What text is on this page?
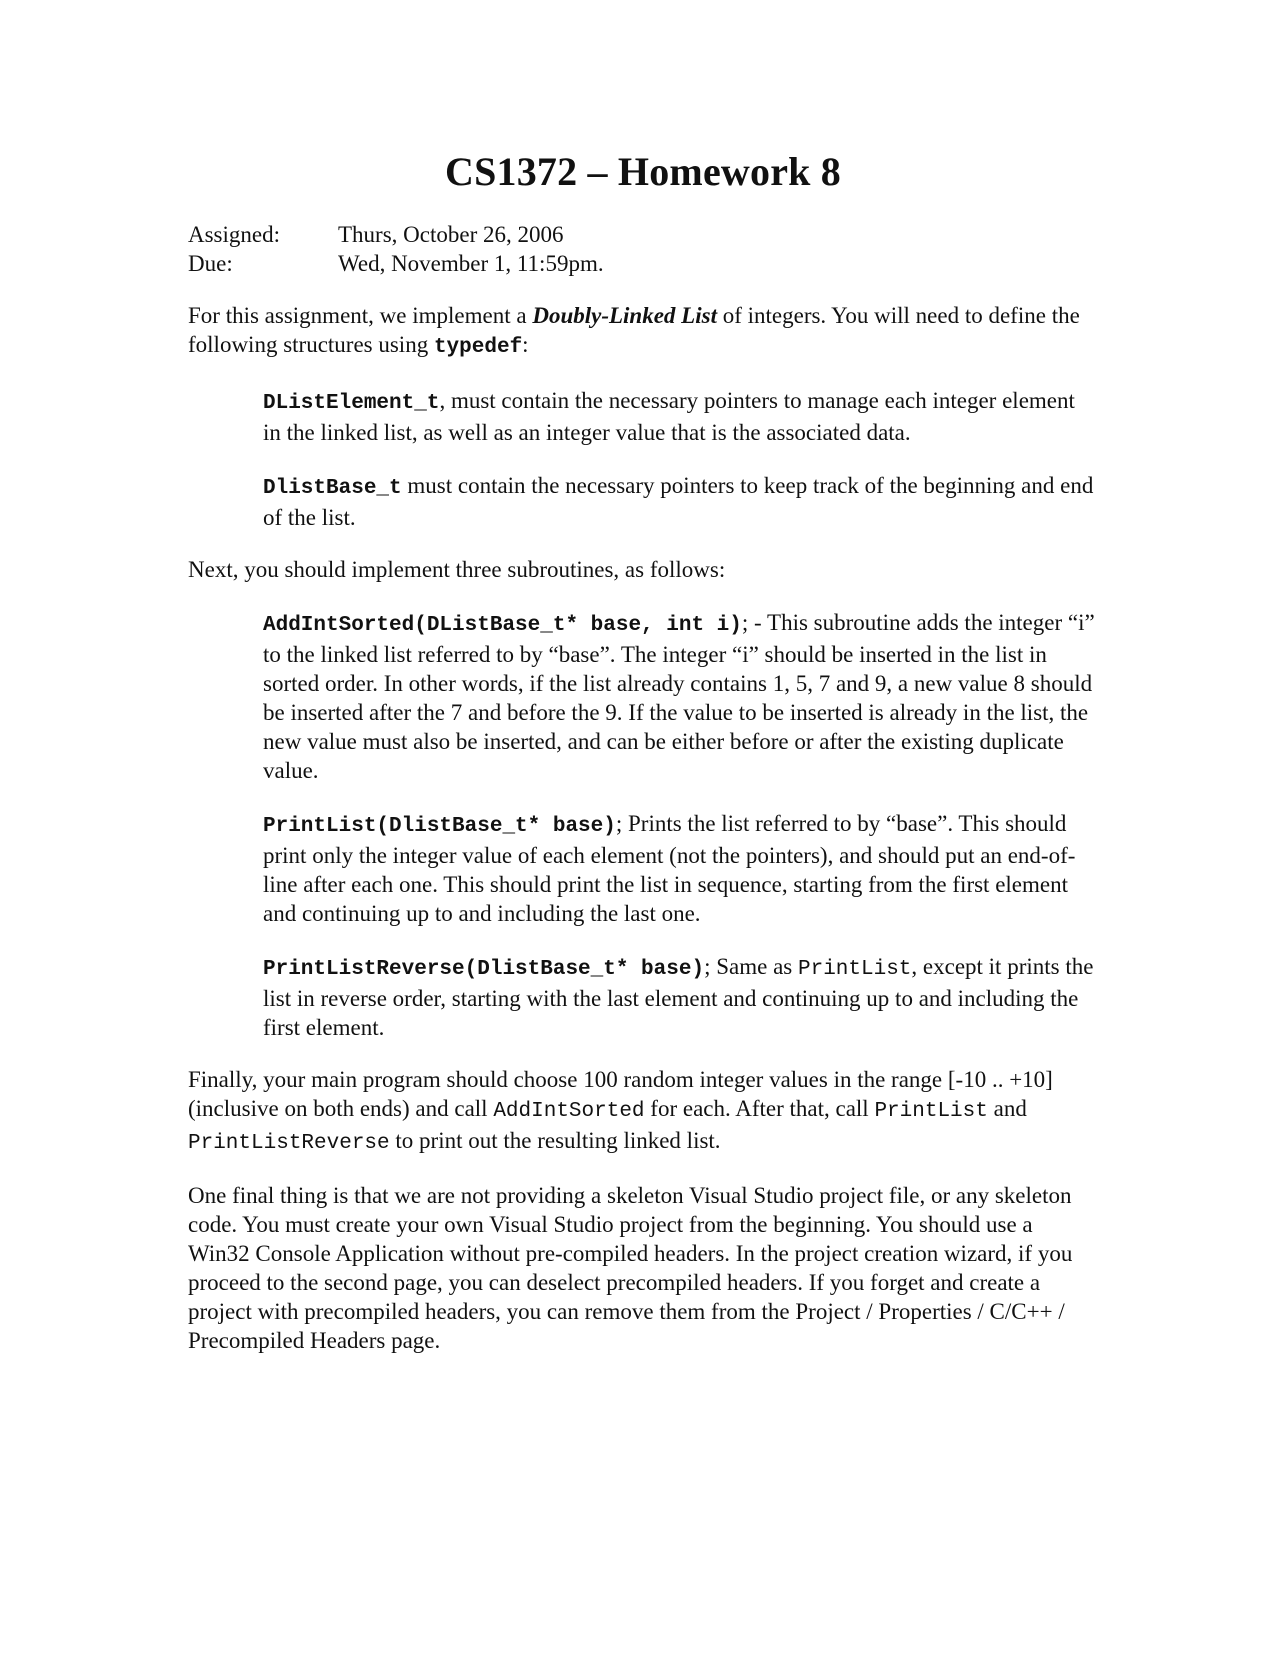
CS1372 – Homework 8
Assigned:	Thurs, October 26, 2006
Due:	Wed, November 1, 11:59pm.

For this assignment, we implement a Doubly-Linked List of integers. You will need to define the following structures using typedef:

DListElement_t, must contain the necessary pointers to manage each integer element in the linked list, as well as an integer value that is the associated data.

DlistBase_t must contain the necessary pointers to keep track of the beginning and end of the list.

Next, you should implement three subroutines, as follows:

AddIntSorted(DListBase_t* base, int i); - This subroutine adds the integer “i” to the linked list referred to by “base”. The integer “i” should be inserted in the list in sorted order. In other words, if the list already contains 1, 5, 7 and 9, a new value 8 should be inserted after the 7 and before the 9. If the value to be inserted is already in the list, the new value must also be inserted, and can be either before or after the existing duplicate value.

PrintList(DlistBase_t* base); Prints the list referred to by “base”. This should print only the integer value of each element (not the pointers), and should put an end-of-line after each one. This should print the list in sequence, starting from the first element and continuing up to and including the last one.

PrintListReverse(DlistBase_t* base); Same as PrintList, except it prints the list in reverse order, starting with the last element and continuing up to and including the first element.

Finally, your main program should choose 100 random integer values in the range [-10 .. +10] (inclusive on both ends) and call AddIntSorted for each. After that, call PrintList and PrintListReverse to print out the resulting linked list.

One final thing is that we are not providing a skeleton Visual Studio project file, or any skeleton code. You must create your own Visual Studio project from the beginning. You should use a Win32 Console Application without pre-compiled headers. In the project creation wizard, if you proceed to the second page, you can deselect precompiled headers. If you forget and create a project with precompiled headers, you can remove them from the Project / Properties / C/C++ / Precompiled Headers page.
